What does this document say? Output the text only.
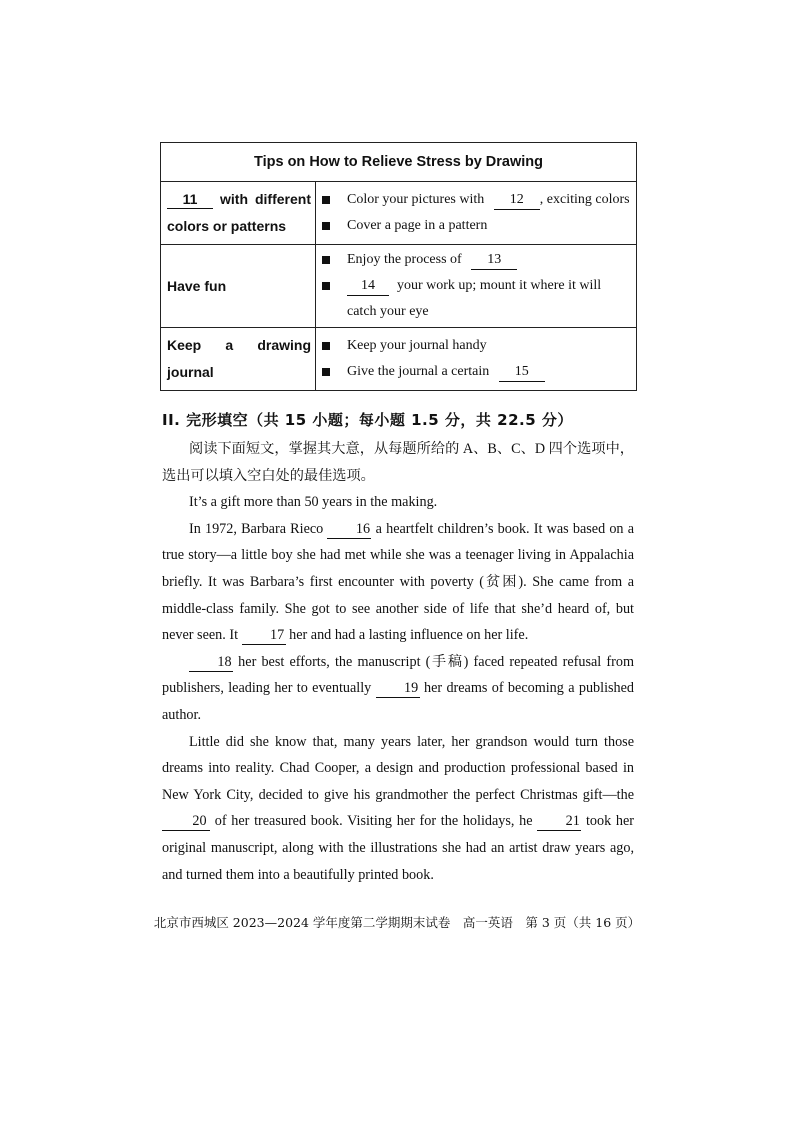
Tips on How to Relieve Stress by Drawing	
11 with different colors or patterns	Color your pictures with 12 , exciting colors
Cover a page in a pattern

Have fun	Enjoy the process of 13
14 your work up; mount it where it will catch your eye

Keep a drawing journal	Keep your journal handy
Give the journal a certain 15
II. 完形填空（共 15 小题；每小题 1.5 分，共 22.5 分）

阅读下面短文，掌握其大意，从每题所给的 A、B、C、D 四个选项中，选出可以填入空白处的最佳选项。

It’s a gift more than 50 years in the making.

In 1972, Barbara Rieco 16 a heartfelt children’s book. It was based on a true story—a little boy she had met while she was a teenager living in Appalachia briefly. It was Barbara’s first encounter with poverty (贫困). She came from a middle-class family. She got to see another side of life that she’d heard of, but never seen. It 17 her and had a lasting influence on her life.

18 her best efforts, the manuscript (手稿) faced repeated refusal from publishers, leading her to eventually 19 her dreams of becoming a published author.

Little did she know that, many years later, her grandson would turn those dreams into reality. Chad Cooper, a design and production professional based in New York City, decided to give his grandmother the perfect Christmas gift—the 20 of her treasured book. Visiting her for the holidays, he 21 took her original manuscript, along with the illustrations she had an artist draw years ago, and turned them into a beautifully printed book.

北京市西城区 2023—2024 学年度第二学期期末试卷　高一英语　第 3 页（共 16 页）
